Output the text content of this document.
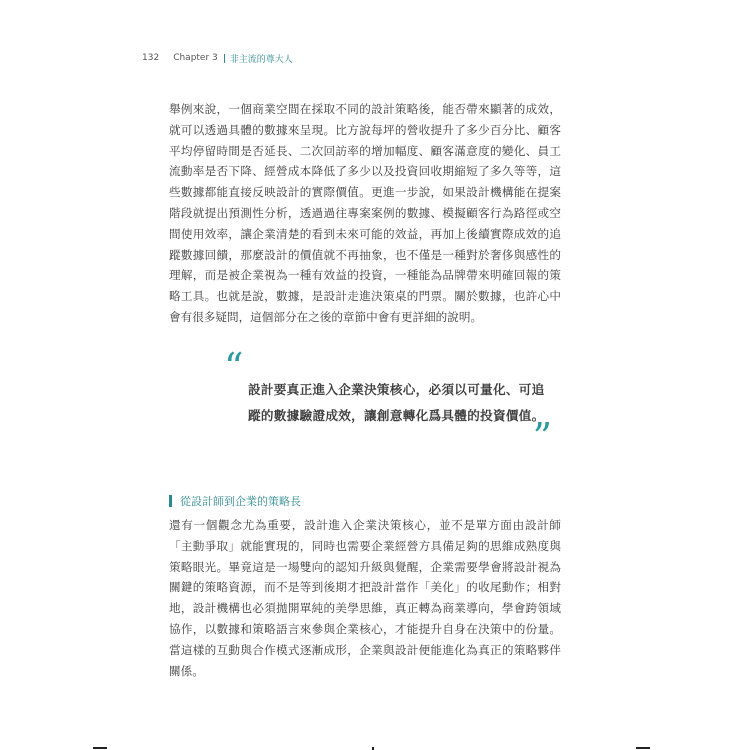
132 Chapter 3 非主流的尊大人

舉例來說，一個商業空間在採取不同的設計策略後，能否帶來顯著的成效，就可以透過具體的數據來呈現。比方說每坪的營收提升了多少百分比、顧客平均停留時間是否延長、二次回訪率的增加幅度、顧客滿意度的變化、員工流動率是否下降、經營成本降低了多少以及投資回收期縮短了多久等等，這些數據都能直接反映設計的實際價值。更進一步說，如果設計機構能在提案階段就提出預測性分析，透過過往專案案例的數據、模擬顧客行為路徑或空間使用效率，讓企業清楚的看到未來可能的效益，再加上後續實際成效的追蹤數據回饋，那麼設計的價值就不再抽象，也不僅是一種對於奢侈與感性的理解，而是被企業視為一種有效益的投資，一種能為品牌帶來明確回報的策略工具。也就是說，數據，是設計走進決策桌的門票。關於數據，也許心中會有很多疑問，這個部分在之後的章節中會有更詳細的說明。

“

設計要真正進入企業決策核心，必須以可量化、可追蹤的數據驗證成效，讓創意轉化爲具體的投資價值。

”
從設計師到企業的策略長

還有一個觀念尤為重要，設計進入企業決策核心，並不是單方面由設計師「主動爭取」就能實現的，同時也需要企業經營方具備足夠的思維成熟度與策略眼光。畢竟這是一場雙向的認知升級與覺醒，企業需要學會將設計視為關鍵的策略資源，而不是等到後期才把設計當作「美化」的收尾動作；相對地，設計機構也必須拋開單純的美學思維，真正轉為商業導向，學會跨領域協作，以數據和策略語言來參與企業核心，才能提升自身在決策中的份量。當這樣的互動與合作模式逐漸成形，企業與設計便能進化為真正的策略夥伴關係。
